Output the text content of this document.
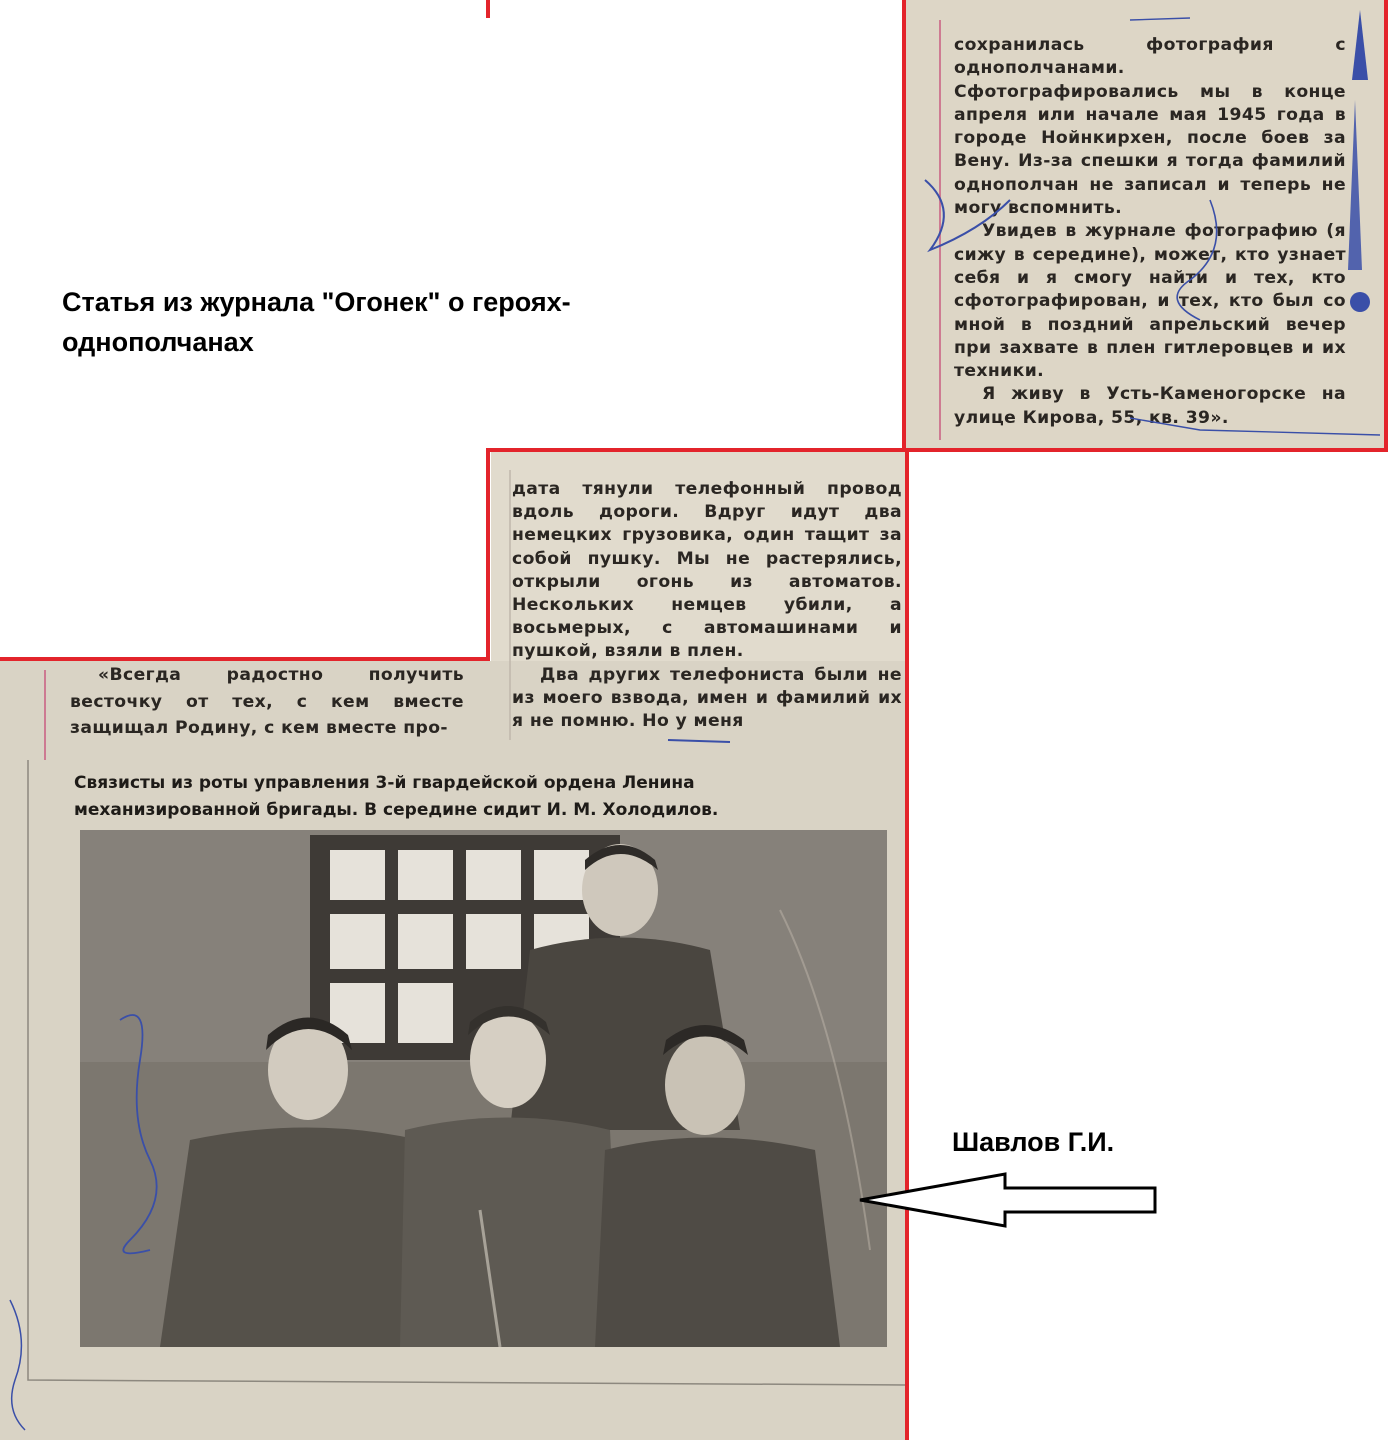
сохранилась фотография с однополчанами. Сфотографировались мы в конце апреля или начале мая 1945 года в городе Нойнкирхен, после боев за Вену. Из-за спешки я тогда фамилий однополчан не записал и теперь не могу вспомнить.

Увидев в журнале фотографию (я сижу в середине), может, кто узнает себя и я смогу найти и тех, кто сфотографирован, и тех, кто был со мной в поздний апрельский вечер при захвате в плен гитлеровцев и их техники.

Я живу в Усть-Каменогорске на улице Кирова, 55, кв. 39».

дата тянули телефонный провод вдоль дороги. Вдруг идут два немецких грузовика, один тащит за собой пушку. Мы не растерялись, открыли огонь из автоматов. Нескольких немцев убили, а восьмерых, с автомашинами и пушкой, взяли в плен.

Два других телефониста были не из моего взвода, имен и фамилий их я не помню. Но у меня

«Всегда радостно получить весточку от тех, с кем вместе защищал Родину, с кем вместе про-

Связисты из роты управления 3-й гвардейской ордена Ленина механизированной бригады. В середине сидит И. М. Холодилов.
Статья из журнала "Огонек" о героях-однополчанах
Шавлов Г.И.
